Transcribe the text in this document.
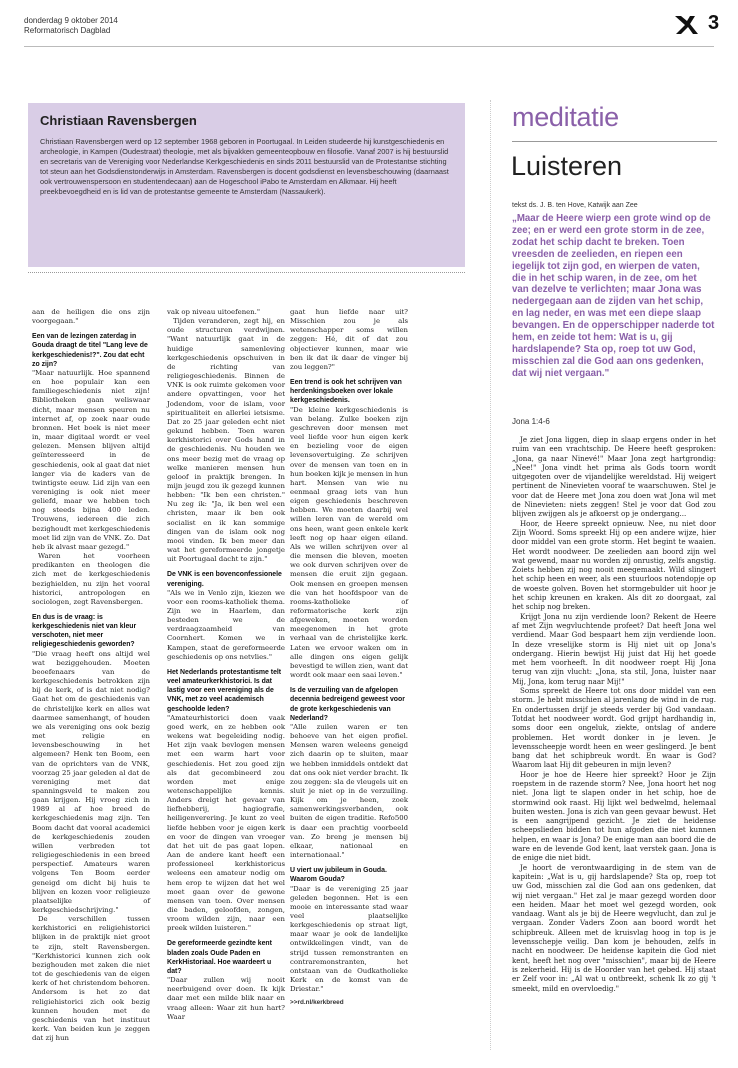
donderdag 9 oktober 2014
Reformatorisch Dagblad	3
Christiaan Ravensbergen

Christiaan Ravensbergen werd op 12 september 1968 geboren in Poortugaal. In Leiden studeerde hij kunstgeschiedenis en archeologie, in Kampen (Oudestraat) theologie, met als bijvakken gemeenteopbouw en filosofie. Vanaf 2007 is hij bestuurslid en secretaris van de Vereniging voor Nederlandse Kerkgeschiedenis en sinds 2011 bestuurslid van de Protestantse stichting tot steun aan het Godsdienstonderwijs in Amsterdam. Ravensbergen is docent godsdienst en levensbeschouwing (daarnaast ook vertrouwenspersoon en studentendecaan) aan de Hogeschool iPabo te Amsterdam en Alkmaar. Hij heeft preekbevoegdheid en is lid van de protestantse gemeente te Amsterdam (Nassaukerk).

aan de heiligen die ons zijn voorgegaan."

Een van de lezingen zaterdag in Gouda draagt de titel "Lang leve de kerkgeschiedenis!?". Zou dat echt zo zijn?

"Maar natuurlijk. Hoe spannend en hoe populair kan een familiegeschiedenis niet zijn! Bibliotheken gaan weliswaar dicht, maar mensen speuren nu internet af, op zoek naar oude bronnen. Het boek is niet meer in, maar digitaal wordt er veel gelezen. Mensen blijven altijd geïnteresseerd in de geschiedenis, ook al gaat dat niet langer via de kaders van de twintigste eeuw. Lid zijn van een vereniging is ook niet meer geliefd, maar we hebben toch nog steeds bijna 400 leden. Trouwens, iedereen die zich bezighoudt met kerkgeschiedenis moet lid zijn van de VNK. Zo. Dat heb ik alvast maar gezegd."

Waren het voorheen predikanten en theologen die zich met de kerkgeschiedenis bezighielden, nu zijn het vooral historici, antropologen en sociologen, zegt Ravensbergen.

En dus is de vraag: is kerkgeschiedenis niet van kleur verschoten, niet meer religiegeschiedenis geworden?

"Die vraag heeft ons altijd wel wat beziggehouden. Moeten beoefenaars van de kerkgeschiedenis betrokken zijn bij de kerk, of is dat niet nodig? Gaat het om de geschiedenis van de christelijke kerk en alles wat daarmee samenhangt, of houden we als vereniging ons ook bezig met religie en levensbeschouwing in het algemeen? Henk ten Boom, een van de oprichters van de VNK, voorzag 25 jaar geleden al dat de vereniging met dat spanningsveld te maken zou gaan krijgen. Hij vroeg zich in 1989 al af hoe breed de kerkgeschiedenis mag zijn. Ten Boom dacht dat vooral academici de kerkgeschiedenis zouden willen verbreden tot religiegeschiedenis in een breed perspectief. Amateurs waren volgens Ten Boom eerder geneigd om dicht bij huis te blijven en kozen voor religieuze plaatselijke of kerkgeschiedschrijving."

De verschillen tussen kerkhistorici en religiehistorici blijken in de praktijk niet groot te zijn, stelt Ravensbergen. "Kerkhistorici kunnen zich ook bezighouden met zaken die niet tot de geschiedenis van de eigen kerk of het christendom behoren. Andersom is het zo dat religiehistorici zich ook bezig kunnen houden met de geschiedenis van het instituut kerk. Van beiden kun je zeggen dat zij hun

vak op niveau uitoefenen."

Tijden veranderen, zegt hij, en oude structuren verdwijnen. "Want natuurlijk gaat in de huidige samenleving kerkgeschiedenis opschuiven in de richting van religiegeschiedenis. Binnen de VNK is ook ruimte gekomen voor andere opvattingen, voor het Jodendom, voor de islam, voor spiritualiteit en allerlei ietsisme. Dat zo 25 jaar geleden echt niet gekund hebben. Toen waren kerkhistorici over Gods hand in de geschiedenis. Nu houden we ons meer bezig met de vraag op welke manieren mensen hun geloof in praktijk brengen. In mijn jeugd zou ik gezegd kunnen hebben: "Ik ben een christen." Nu zeg ik: "Ja, ik ben wel een christen, maar ik ben ook socialist en ik kan sommige dingen van de islam ook nog mooi vinden. Ik ben meer dan wat het gereformeerde jongetje uit Poortugaal dacht te zijn."

De VNK is een bovenconfessionele vereniging.

"Als we in Venlo zijn, kiezen we voor een rooms-katholiek thema. Zijn we in Haarlem, dan besteden we de verdraagzaamheid van Coornhert. Komen we in Kampen, staat de gereformeerde geschiedenis op ons netvlies."

Het Nederlands protestantisme telt veel amateurkerkhistorici. Is dat lastig voor een vereniging als de VNK, met zo veel academisch geschoolde leden?

"Amateurhistorici doen vaak goed werk, en ze hebben ook wekens wat begeleiding nodig. Het zijn vaak bevlogen mensen met een warm hart voor geschiedenis. Het zou goed zijn als dat gecombineerd zou worden met enige wetenschappelijke kennis. Anders dreigt het gevaar van liefhebberij, hagiografie, heiligenverering. Je kunt zo veel liefde hebben voor je eigen kerk en voor de dingen van vroeger dat het uit de pas gaat lopen. Aan de andere kant heeft een professioneel kerkhistoricus weleens een amateur nodig om hem erop te wijzen dat het wel moet gaan over de gewone mensen van toen. Over mensen die baden, geloofden, zongen, vroom wilden zijn, naar een preek wilden luisteren."

De gereformeerde gezindte kent bladen zoals Oude Paden en KerkHistoriaal. Hoe waardeert u dat?

"Daar zullen wij nooit neerbuigend over doen. Ik kijk daar met een milde blik naar en vraag alleen: Waar zit hun hart? Waar

gaat hun liefde naar uit? Misschien zou je als wetenschapper soms willen zeggen: Hé, dit of dat zou objectiever kunnen, maar wie ben ik dat ik daar de vinger bij zou leggen?"

Een trend is ook het schrijven van herdenkingsboeken over lokale kerkgeschiedenis.

"De kleine kerkgeschiedenis is van belang. Zulke boeken zijn geschreven door mensen met veel liefde voor hun eigen kerk en bezieling voor de eigen levensovertuiging. Ze schrijven over de mensen van toen en in hun boeken kijk je mensen in hun hart. Mensen van wie nu eenmaal graag iets van hun eigen geschiedenis beschreven hebben. We moeten daarbij wel willen leren van de wereld om ons heen, want geen enkele kerk leeft nog op haar eigen eiland. Als we willen schrijven over al die mensen die bleven, moeten we ook durven schrijven over de mensen die eruit zijn gegaan. Ook mensen en groepen mensen die van het hoofdspoor van de rooms-katholieke of reformatorische kerk zijn afgeweken, moeten worden meegenomen in het grote verhaal van de christelijke kerk. Laten we ervoor waken om in alle dingen ons eigen gelijk bevestigd te willen zien, want dat wordt ook maar een saai leven."

Is de verzuiling van de afgelopen decennia bedreigend geweest voor de grote kerkgeschiedenis van Nederland?

"Alle zuilen waren er ten behoeve van het eigen profiel. Mensen waren weleens geneigd zich daarin op te sluiten, maar we hebben inmiddels ontdekt dat dat ons ook niet verder bracht. Ik zou zeggen: sla de vleugels uit en sluit je niet op in de verzuiling. Kijk om je heen, zoek samenwerkingsverbanden, ook buiten de eigen traditie. Refo500 is daar een prachtig voorbeeld van. Zo breng je mensen bij elkaar, nationaal en internationaal."

U viert uw jubileum in Gouda. Waarom Gouda?

"Daar is de vereniging 25 jaar geleden begonnen. Het is een mooie en interessante stad waar veel plaatselijke kerkgeschiedenis op straat ligt, maar waar je ook de landelijke ontwikkelingen vindt, van de strijd tussen remonstranten en contraremonstranten, het ontstaan van de Oudkatholieke Kerk en de komst van de Driestar."

>>rd.nl/kerkbreed
meditatie
Luisteren
tekst ds. J. B. ten Hove, Katwijk aan Zee
„Maar de Heere wierp een grote wind op de zee; en er werd een grote storm in de zee, zodat het schip dacht te breken. Toen vreesden de zeelieden, en riepen een iegelijk tot zijn god, en wierpen de vaten, die in het schip waren, in de zee, om het van dezelve te verlichten; maar Jona was nedergegaan aan de zijden van het schip, en lag neder, en was met een diepe slaap bevangen. En de opperschipper naderde tot hem, en zeide tot hem: Wat is u, gij hardslapende? Sta op, roep tot uw God, misschien zal die God aan ons gedenken, dat wij niet vergaan."
Jona 1:4-6

Je ziet Jona liggen, diep in slaap ergens onder in het ruim van een vrachtschip. De Heere heeft gesproken: „Jona, ga naar Ninevé!" Maar Jona zegt hartgrondig: „Nee!" Jona vindt het prima als Gods toorn wordt uitgegoten over de vijandelijke wereldstad. Hij weigert pertinent de Ninevieten vooraf te waarschuwen. Stel je voor dat de Heere met Jona zou doen wat Jona wil met de Ninevieten: niets zeggen! Stel je voor dat God zou blijven zwijgen als je afkoerst op je ondergang...

Hoor, de Heere spreekt opnieuw. Nee, nu niet door Zijn Woord. Soms spreekt Hij op een andere wijze, hier door middel van een grote storm. Het begint te waaien. Het wordt noodweer. De zeelieden aan boord zijn wel wat gewend, maar nu worden zij onrustig, zelfs angstig. Zoiets hebben zij nog nooit meegemaakt. Wild slingert het schip heen en weer, als een stuurloos notendopje op de woeste golven. Boven het stormgebulder uit hoor je het schip kreunen en kraken. Als dit zo doorgaat, zal het schip nog breken.

Krijgt Jona nu zijn verdiende loon? Rekent de Heere af met Zijn wegvluchtende profeet? Dat heeft Jona wel verdiend. Maar God bespaart hem zijn verdiende loon. In deze vreselijke storm is Hij niet uit op Jona's ondergang. Hierin bewijst Hij juist dat Hij het goede met hem voorheeft. In dit noodweer roept Hij Jona terug van zijn vlucht: „Jona, sta stil, Jona, luister naar Mij, Jona, kom terug naar Mij!"

Soms spreekt de Heere tot ons door middel van een storm. Je hebt misschien al jarenlang de wind in de rug. En ondertussen drijf je steeds verder bij God vandaan. Totdat het noodweer wordt. God grijpt hardhandig in, soms door een ongeluk, ziekte, ontslag of andere problemen. Het wordt donker in je leven. Je levensscheepje wordt heen en weer geslingerd. Je bent bang dat het schipbreuk wordt. En waar is God? Waarom laat Hij dit gebeuren in mijn leven?

Hoor je hoe de Heere hier spreekt? Hoor je Zijn roepstem in de razende storm? Nee, Jona hoort het nog niet. Jona ligt te slapen onder in het schip, hoe de stormwind ook raast. Hij lijkt wel bedwelmd, helemaal buiten westen. Jona is zich van geen gevaar bewust. Het is een aangrijpend gezicht. Je ziet de heidense scheepslieden bidden tot hun afgoden die niet kunnen helpen, en waar is Jona? De enige man aan boord die de ware en de levende God kent, laat verstek gaan. Jona is de enige die niet bidt.

Je hoort de verontwaardiging in de stem van de kapitein: „Wat is u, gij hardslapende? Sta op, roep tot uw God, misschien zal die God aan ons gedenken, dat wij niet vergaan." Het zal je maar gezegd worden door een heiden. Maar het moet wel gezegd worden, ook vandaag. Want als je bij de Heere wegvlucht, dan zul je vergaan. Zonder Vaders Zoon aan boord wordt het schipbreuk. Alleen met de kruisvlag hoog in top is je levensschepje veilig. Dan kom je behouden, zelfs in nacht en noodweer. De heidense kapitein die God niet kent, heeft het nog over "misschien", maar bij de Heere is zekerheid. Hij is de Hoorder van het gebed. Hij staat er Zelf voor in: „Al wat u ontbreekt, schenk Ik zo gij 't smeekt, mild en overvloedig."
